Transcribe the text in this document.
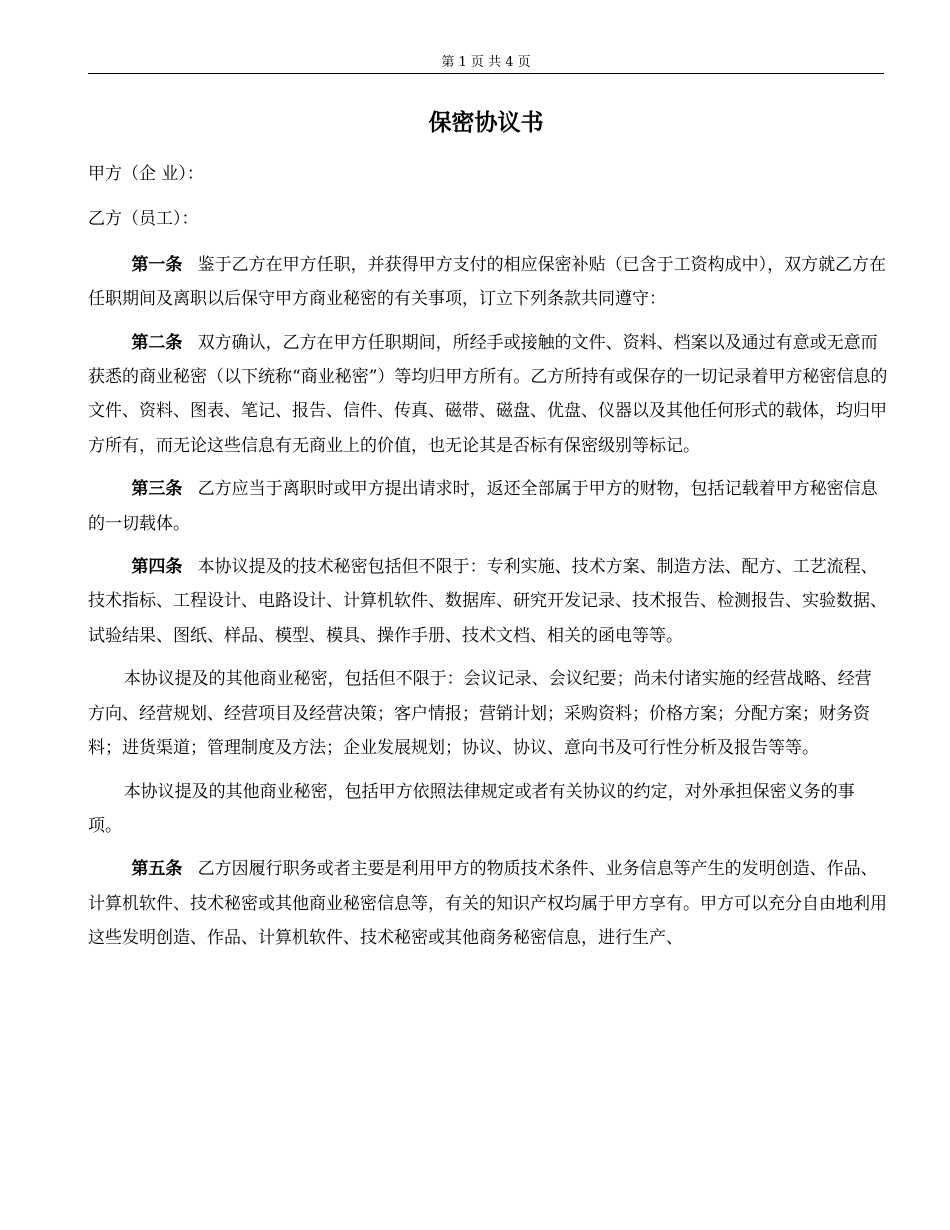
第 1 页 共 4 页
保密协议书

甲方（企 业）：

乙方（员工）：

第一条 鉴于乙方在甲方任职，并获得甲方支付的相应保密补贴（已含于工资构成中），双方就乙方在任职期间及离职以后保守甲方商业秘密的有关事项，订立下列条款共同遵守：

第二条 双方确认，乙方在甲方任职期间，所经手或接触的文件、资料、档案以及通过有意或无意而获悉的商业秘密（以下统称“商业秘密”）等均归甲方所有。乙方所持有或保存的一切记录着甲方秘密信息的文件、资料、图表、笔记、报告、信件、传真、磁带、磁盘、优盘、仪器以及其他任何形式的载体，均归甲方所有，而无论这些信息有无商业上的价值，也无论其是否标有保密级别等标记。

第三条 乙方应当于离职时或甲方提出请求时，返还全部属于甲方的财物，包括记载着甲方秘密信息的一切载体。

第四条 本协议提及的技术秘密包括但不限于：专利实施、技术方案、制造方法、配方、工艺流程、技术指标、工程设计、电路设计、计算机软件、数据库、研究开发记录、技术报告、检测报告、实验数据、试验结果、图纸、样品、模型、模具、操作手册、技术文档、相关的函电等等。

本协议提及的其他商业秘密，包括但不限于：会议记录、会议纪要；尚未付诸实施的经营战略、经营方向、经营规划、经营项目及经营决策；客户情报；营销计划；采购资料；价格方案；分配方案；财务资料；进货渠道；管理制度及方法；企业发展规划；协议、协议、意向书及可行性分析及报告等等。

本协议提及的其他商业秘密，包括甲方依照法律规定或者有关协议的约定，对外承担保密义务的事项。

第五条 乙方因履行职务或者主要是利用甲方的物质技术条件、业务信息等产生的发明创造、作品、计算机软件、技术秘密或其他商业秘密信息等，有关的知识产权均属于甲方享有。甲方可以充分自由地利用这些发明创造、作品、计算机软件、技术秘密或其他商务秘密信息，进行生产、
